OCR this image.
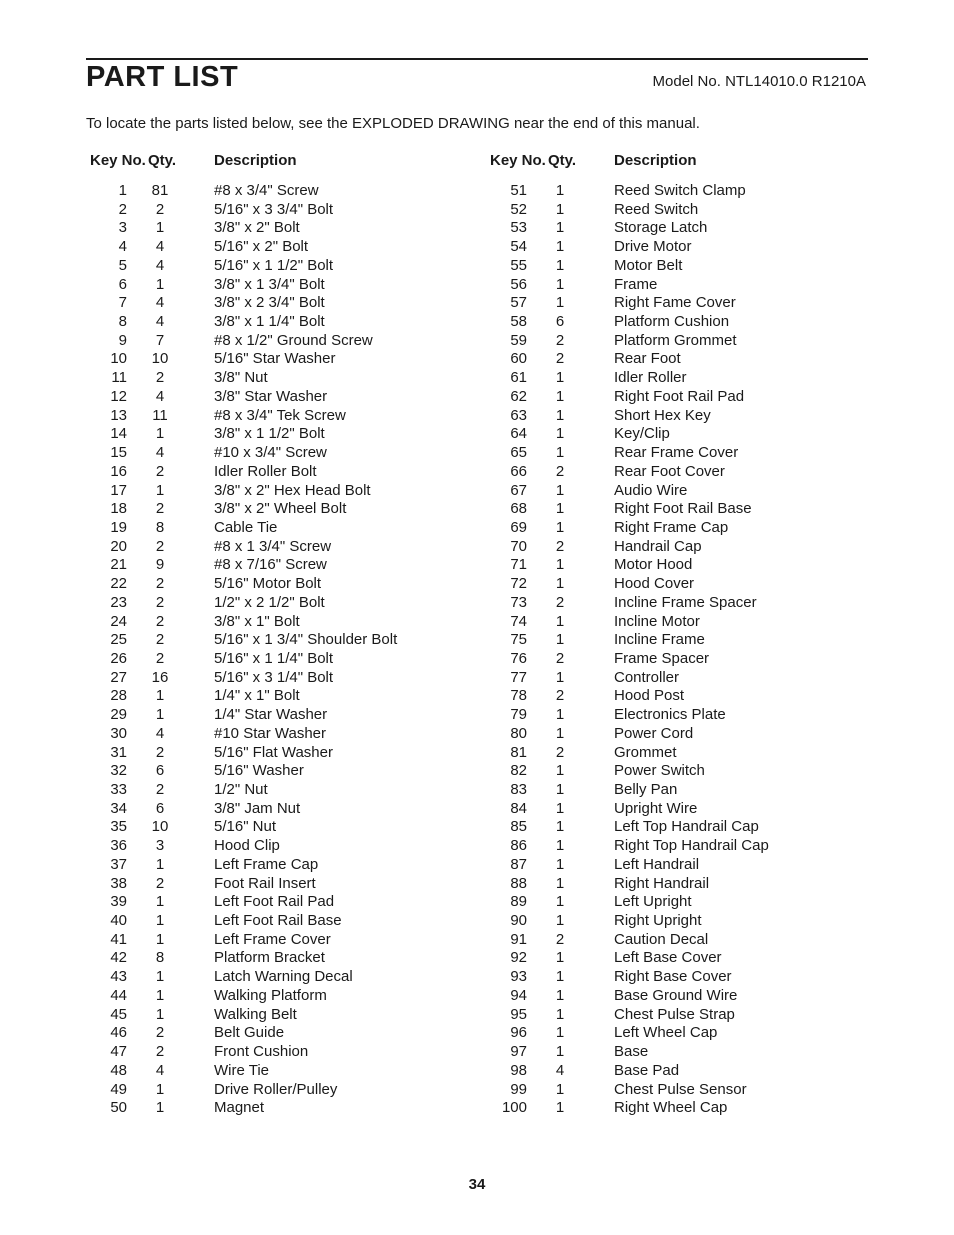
PART LIST	Model No. NTL14010.0 R1210A
To locate the parts listed below, see the EXPLODED DRAWING near the end of this manual.
Key No. Qty.	Description
1	81	#8 x 3/4" Screw
2	2	5/16" x 3 3/4" Bolt
3	1	3/8" x 2" Bolt
4	4	5/16" x 2" Bolt
5	4	5/16" x 1 1/2" Bolt
6	1	3/8" x 1 3/4" Bolt
7	4	3/8" x 2 3/4" Bolt
8	4	3/8" x 1 1/4" Bolt
9	7	#8 x 1/2" Ground Screw
10	10	5/16" Star Washer
11	2	3/8" Nut
12	4	3/8" Star Washer
13	11	#8 x 3/4" Tek Screw
14	1	3/8" x 1 1/2" Bolt
15	4	#10 x 3/4" Screw
16	2	Idler Roller Bolt
17	1	3/8" x 2" Hex Head Bolt
18	2	3/8" x 2" Wheel Bolt
19	8	Cable Tie
20	2	#8 x 1 3/4" Screw
21	9	#8 x 7/16" Screw
22	2	5/16" Motor Bolt
23	2	1/2" x 2 1/2" Bolt
24	2	3/8" x 1" Bolt
25	2	5/16" x 1 3/4" Shoulder Bolt
26	2	5/16" x 1 1/4" Bolt
27	16	5/16" x 3 1/4" Bolt
28	1	1/4" x 1" Bolt
29	1	1/4" Star Washer
30	4	#10 Star Washer
31	2	5/16" Flat Washer
32	6	5/16" Washer
33	2	1/2" Nut
34	6	3/8" Jam Nut
35	10	5/16" Nut
36	3	Hood Clip
37	1	Left Frame Cap
38	2	Foot Rail Insert
39	1	Left Foot Rail Pad
40	1	Left Foot Rail Base
41	1	Left Frame Cover
42	8	Platform Bracket
43	1	Latch Warning Decal
44	1	Walking Platform
45	1	Walking Belt
46	2	Belt Guide
47	2	Front Cushion
48	4	Wire Tie
49	1	Drive Roller/Pulley
50	1	Magnet
Key No. Qty.	Description
51	1	Reed Switch Clamp
52	1	Reed Switch
53	1	Storage Latch
54	1	Drive Motor
55	1	Motor Belt
56	1	Frame
57	1	Right Fame Cover
58	6	Platform Cushion
59	2	Platform Grommet
60	2	Rear Foot
61	1	Idler Roller
62	1	Right Foot Rail Pad
63	1	Short Hex Key
64	1	Key/Clip
65	1	Rear Frame Cover
66	2	Rear Foot Cover
67	1	Audio Wire
68	1	Right Foot Rail Base
69	1	Right Frame Cap
70	2	Handrail Cap
71	1	Motor Hood
72	1	Hood Cover
73	2	Incline Frame Spacer
74	1	Incline Motor
75	1	Incline Frame
76	2	Frame Spacer
77	1	Controller
78	2	Hood Post
79	1	Electronics Plate
80	1	Power Cord
81	2	Grommet
82	1	Power Switch
83	1	Belly Pan
84	1	Upright Wire
85	1	Left Top Handrail Cap
86	1	Right Top Handrail Cap
87	1	Left Handrail
88	1	Right Handrail
89	1	Left Upright
90	1	Right Upright
91	2	Caution Decal
92	1	Left Base Cover
93	1	Right Base Cover
94	1	Base Ground Wire
95	1	Chest Pulse Strap
96	1	Left Wheel Cap
97	1	Base
98	4	Base Pad
99	1	Chest Pulse Sensor
100	1	Right Wheel Cap
34
